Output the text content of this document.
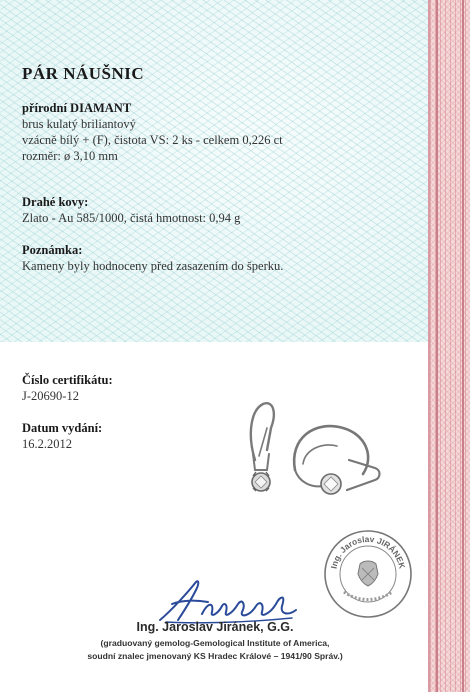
PÁR NÁUŠNIC
přírodní DIAMANT
brus kulatý briliantový
vzácně bílý + (F), čistota VS: 2 ks - celkem 0,226 ct
rozměr: ø 3,10 mm
Drahé kovy:
Zlato - Au 585/1000, čistá hmotnost: 0,94 g
Poznámka:
Kameny byly hodnoceny před zasazením do šperku.
Číslo certifikátu:
J-20690-12
Datum vydání:
16.2.2012
Ing. Jaroslav JIRÁNEK
Ing. Jaroslav Jiránek, G.G.
(graduovaný gemolog-Gemological Institute of America,
soudní znalec jmenovaný KS Hradec Králové – 1941/90 Správ.)
